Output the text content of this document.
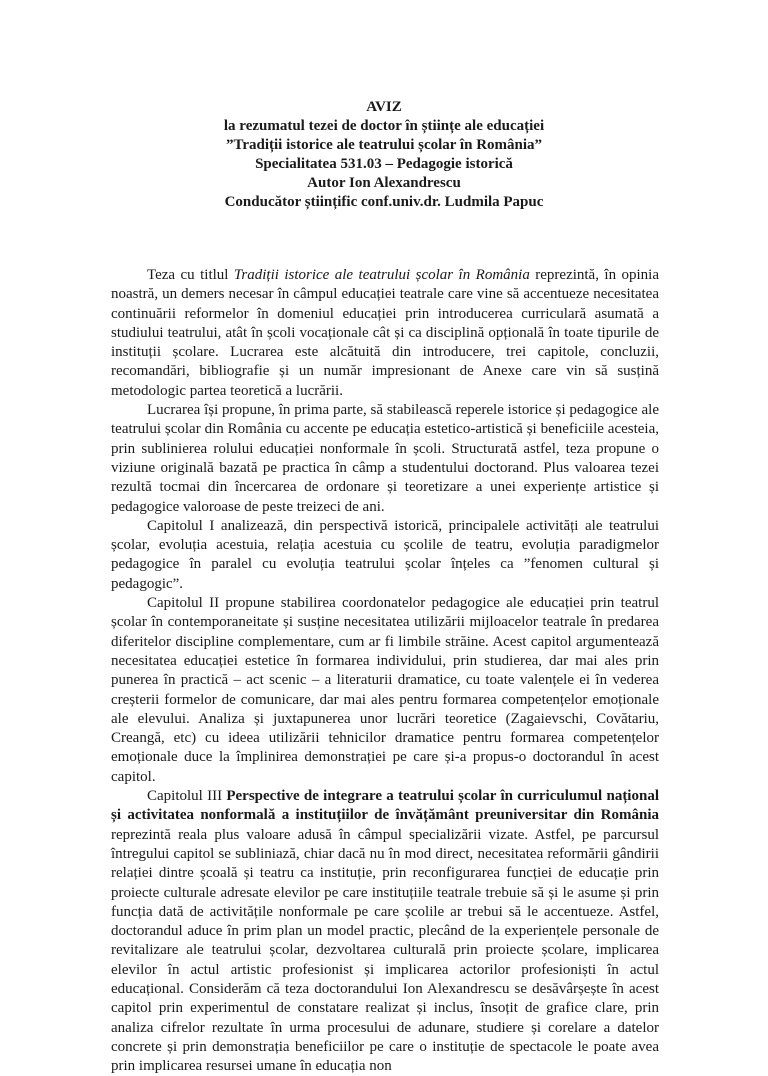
AVIZ
la rezumatul tezei de doctor în științe ale educației
”Tradiții istorice ale teatrului școlar în România”
Specialitatea 531.03 – Pedagogie istorică
Autor Ion Alexandrescu
Conducător științific conf.univ.dr. Ludmila Papuc

Teza cu titlul Tradiții istorice ale teatrului școlar în România reprezintă, în opinia noastră, un demers necesar în câmpul educației teatrale care vine să accentueze necesitatea continuării reformelor în domeniul educației prin introducerea curriculară asumată a studiului teatrului, atât în școli vocaționale cât și ca disciplină opțională în toate tipurile de instituții școlare. Lucrarea este alcătuită din introducere, trei capitole, concluzii, recomandări, bibliografie și un număr impresionant de Anexe care vin să susțină metodologic partea teoretică a lucrării.

Lucrarea își propune, în prima parte, să stabilească reperele istorice și pedagogice ale teatrului școlar din România cu accente pe educația estetico-artistică și beneficiile acesteia, prin sublinierea rolului educației nonformale în școli. Structurată astfel, teza propune o viziune originală bazată pe practica în câmp a studentului doctorand. Plus valoarea tezei rezultă tocmai din încercarea de ordonare și teoretizare a unei experiențe artistice și pedagogice valoroase de peste treizeci de ani.

Capitolul I analizează, din perspectivă istorică, principalele activități ale teatrului școlar, evoluția acestuia, relația acestuia cu școlile de teatru, evoluția paradigmelor pedagogice în paralel cu evoluția teatrului școlar înțeles ca ”fenomen cultural și pedagogic”.

Capitolul II propune stabilirea coordonatelor pedagogice ale educației prin teatrul școlar în contemporaneitate și susține necesitatea utilizării mijloacelor teatrale în predarea diferitelor discipline complementare, cum ar fi limbile străine. Acest capitol argumentează necesitatea educației estetice în formarea individului, prin studierea, dar mai ales prin punerea în practică – act scenic – a literaturii dramatice, cu toate valențele ei în vederea creșterii formelor de comunicare, dar mai ales pentru formarea competențelor emoționale ale elevului. Analiza și juxtapunerea unor lucrări teoretice (Zagaievschi, Covătariu, Creangă, etc) cu ideea utilizării tehnicilor dramatice pentru formarea competențelor emoționale duce la împlinirea demonstrației pe care și-a propus-o doctorandul în acest capitol.

Capitolul III Perspective de integrare a teatrului școlar în curriculumul național și activitatea nonformală a instituțiilor de învățământ preuniversitar din România reprezintă reala plus valoare adusă în câmpul specializării vizate. Astfel, pe parcursul întregului capitol se subliniază, chiar dacă nu în mod direct, necesitatea reformării gândirii relației dintre școală și teatru ca instituție, prin reconfigurarea funcției de educație prin proiecte culturale adresate elevilor pe care instituțiile teatrale trebuie să și le asume și prin funcția dată de activitățile nonformale pe care școlile ar trebui să le accentueze. Astfel, doctorandul aduce în prim plan un model practic, plecând de la experiențele personale de revitalizare ale teatrului școlar, dezvoltarea culturală prin proiecte școlare, implicarea elevilor în actul artistic profesionist și implicarea actorilor profesioniști în actul educațional. Considerăm că teza doctorandului Ion Alexandrescu se desăvârșește în acest capitol prin experimentul de constatare realizat și inclus, însoțit de grafice clare, prin analiza cifrelor rezultate în urma procesului de adunare, studiere și corelare a datelor concrete și prin demonstrația beneficiilor pe care o instituție de spectacole le poate avea prin implicarea resursei umane în educația non
